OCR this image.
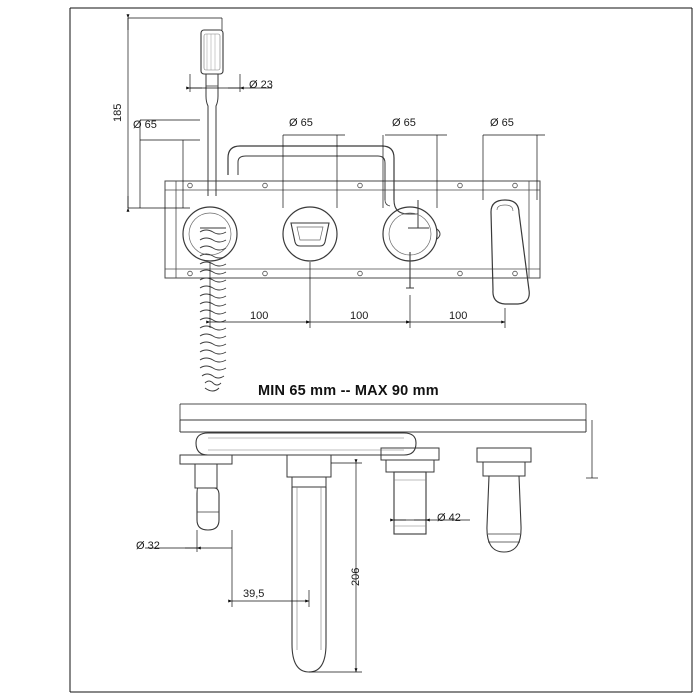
Ø 23
185
Ø 65	Ø 65	Ø 65	Ø 65
100	100	100
MIN 65 mm -- MAX 90 mm
Ø 32
Ø 42
39,5
206
